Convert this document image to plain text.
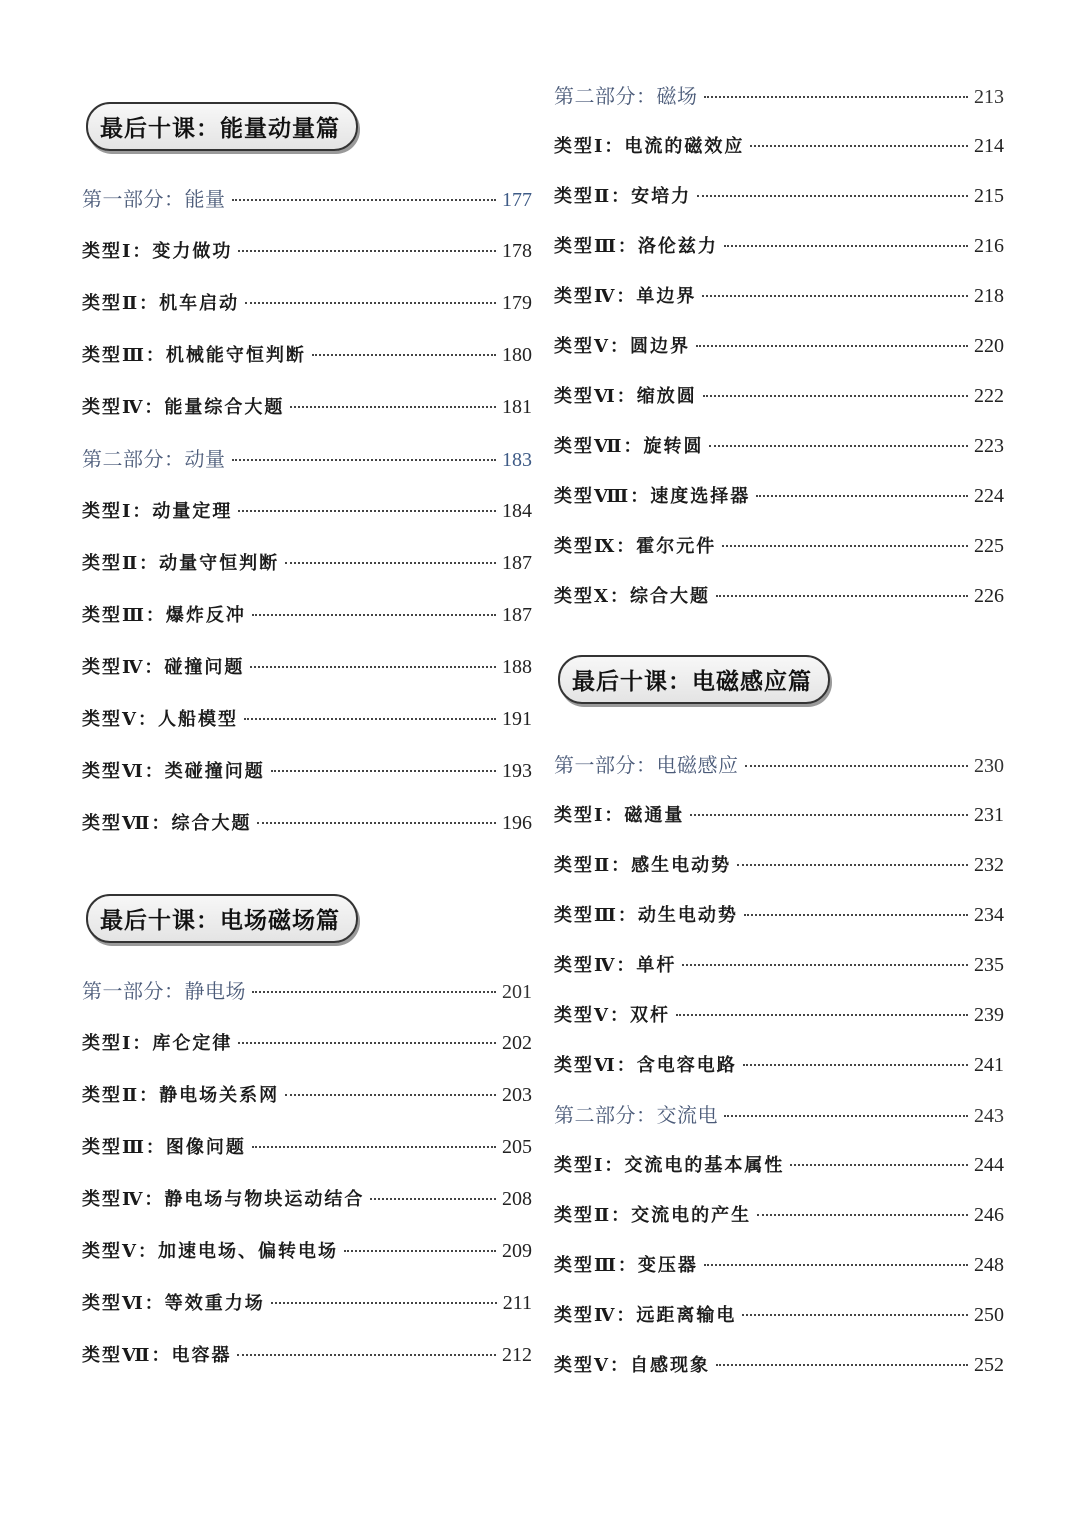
最后十课：能量动量篇
第一部分：能量	177
类型Ⅰ：变力做功	178
类型Ⅱ：机车启动	179
类型Ⅲ：机械能守恒判断	180
类型Ⅳ：能量综合大题	181
第二部分：动量	183
类型Ⅰ：动量定理	184
类型Ⅱ：动量守恒判断	187
类型Ⅲ：爆炸反冲	187
类型Ⅳ：碰撞问题	188
类型Ⅴ：人船模型	191
类型Ⅵ：类碰撞问题	193
类型Ⅶ：综合大题	196
最后十课：电场磁场篇
第一部分：静电场	201
类型Ⅰ：库仑定律	202
类型Ⅱ：静电场关系网	203
类型Ⅲ：图像问题	205
类型Ⅳ：静电场与物块运动结合	208
类型Ⅴ：加速电场、偏转电场	209
类型Ⅵ：等效重力场	211
类型Ⅶ：电容器	212
第二部分：磁场	213
类型Ⅰ：电流的磁效应	214
类型Ⅱ：安培力	215
类型Ⅲ：洛伦兹力	216
类型Ⅳ：单边界	218
类型Ⅴ：圆边界	220
类型Ⅵ：缩放圆	222
类型Ⅶ：旋转圆	223
类型Ⅷ：速度选择器	224
类型Ⅸ：霍尔元件	225
类型Ⅹ：综合大题	226
最后十课：电磁感应篇
第一部分：电磁感应	230
类型Ⅰ：磁通量	231
类型Ⅱ：感生电动势	232
类型Ⅲ：动生电动势	234
类型Ⅳ：单杆	235
类型Ⅴ：双杆	239
类型Ⅵ：含电容电路	241
第二部分：交流电	243
类型Ⅰ：交流电的基本属性	244
类型Ⅱ：交流电的产生	246
类型Ⅲ：变压器	248
类型Ⅳ：远距离输电	250
类型Ⅴ：自感现象	252
